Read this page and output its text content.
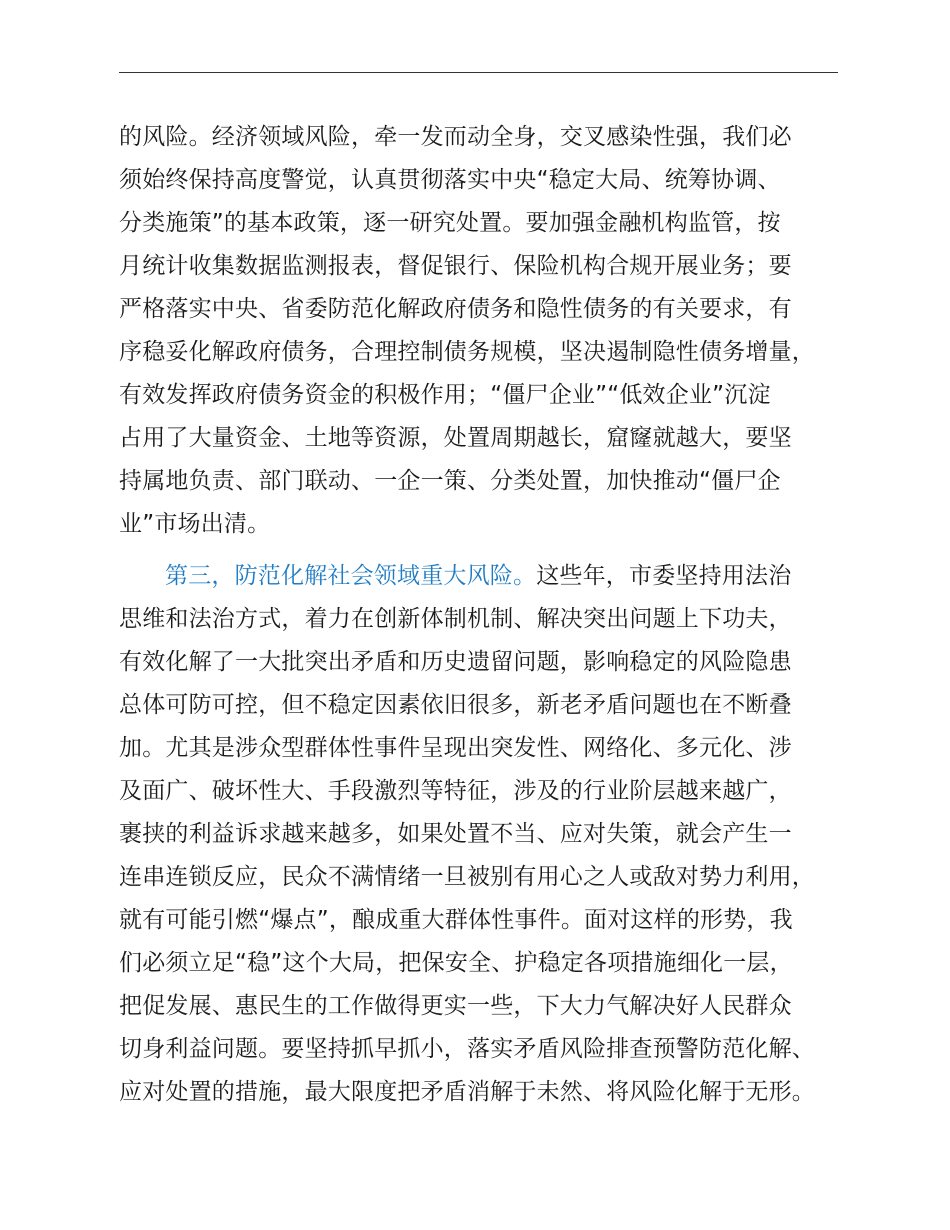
的风险。经济领域风险，牵一发而动全身，交叉感染性强，我们必
须始终保持高度警觉，认真贯彻落实中央“稳定大局、统筹协调、
分类施策”的基本政策，逐一研究处置。要加强金融机构监管，按
月统计收集数据监测报表，督促银行、保险机构合规开展业务；要
严格落实中央、省委防范化解政府债务和隐性债务的有关要求，有
序稳妥化解政府债务，合理控制债务规模，坚决遏制隐性债务增量，
有效发挥政府债务资金的积极作用；“僵尸企业”“低效企业”沉淀
占用了大量资金、土地等资源，处置周期越长，窟窿就越大，要坚
持属地负责、部门联动、一企一策、分类处置，加快推动“僵尸企
业”市场出清。
第三，防范化解社会领域重大风险。这些年，市委坚持用法治
思维和法治方式，着力在创新体制机制、解决突出问题上下功夫，
有效化解了一大批突出矛盾和历史遗留问题，影响稳定的风险隐患
总体可防可控，但不稳定因素依旧很多，新老矛盾问题也在不断叠
加。尤其是涉众型群体性事件呈现出突发性、网络化、多元化、涉
及面广、破坏性大、手段激烈等特征，涉及的行业阶层越来越广，
裹挟的利益诉求越来越多，如果处置不当、应对失策，就会产生一
连串连锁反应，民众不满情绪一旦被别有用心之人或敌对势力利用，
就有可能引燃“爆点”，酿成重大群体性事件。面对这样的形势，我
们必须立足“稳”这个大局，把保安全、护稳定各项措施细化一层，
把促发展、惠民生的工作做得更实一些，下大力气解决好人民群众
切身利益问题。要坚持抓早抓小，落实矛盾风险排查预警防范化解、
应对处置的措施，最大限度把矛盾消解于未然、将风险化解于无形。
